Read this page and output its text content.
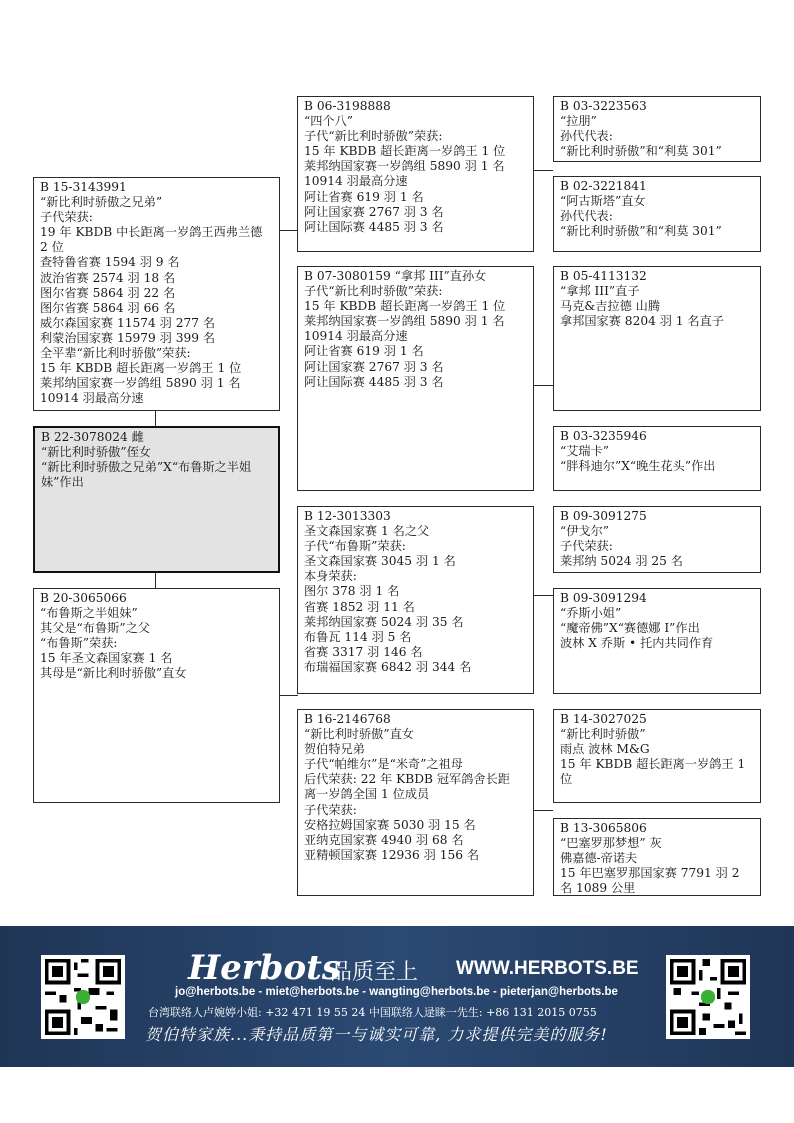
B 15-3143991
“新比利时骄傲之兄弟”
子代荣获:
19 年 KBDB 中长距离一岁鸽王西弗兰德 2 位
查特鲁省赛 1594 羽 9 名
波治省赛 2574 羽 18 名
图尔省赛 5864 羽 22 名
图尔省赛 5864 羽 66 名
威尔森国家赛 11574 羽 277 名
利蒙治国家赛 15979 羽 399 名
全平辈“新比利时骄傲”荣获:
15 年 KBDB 超长距离一岁鸽王 1 位
莱邦纳国家赛一岁鸽组 5890 羽 1 名
10914 羽最高分速
B 22-3078024 雌
“新比利时骄傲”侄女
“新比利时骄傲之兄弟”X“布鲁斯之半姐妹”作出
B 20-3065066
“布鲁斯之半姐妹”
其父是“布鲁斯”之父
“布鲁斯”荣获:
15 年圣文森国家赛 1 名
其母是“新比利时骄傲”直女
B 06-3198888
“四个八”
子代“新比利时骄傲”荣获:
15 年 KBDB 超长距离一岁鸽王 1 位
莱邦纳国家赛一岁鸽组 5890 羽 1 名
10914 羽最高分速
阿让省赛 619 羽 1 名
阿让国家赛 2767 羽 3 名
阿让国际赛 4485 羽 3 名
B 07-3080159 “拿邦 III”直孙女
子代“新比利时骄傲”荣获:
15 年 KBDB 超长距离一岁鸽王 1 位
莱邦纳国家赛一岁鸽组 5890 羽 1 名
10914 羽最高分速
阿让省赛 619 羽 1 名
阿让国家赛 2767 羽 3 名
阿让国际赛 4485 羽 3 名
B 12-3013303
圣文森国家赛 1 名之父
子代“布鲁斯”荣获:
圣文森国家赛 3045 羽 1 名
本身荣获:
图尔 378 羽 1 名
省赛 1852 羽 11 名
莱邦纳国家赛 5024 羽 35 名
布鲁瓦 114 羽 5 名
省赛 3317 羽 146 名
布瑞福国家赛 6842 羽 344 名
B 16-2146768
“新比利时骄傲”直女
贺伯特兄弟
子代“帕维尔”是“米奇”之祖母
后代荣获: 22 年 KBDB 冠军鸽舍长距
离一岁鸽全国 1 位成员
子代荣获:
安格拉姆国家赛 5030 羽 15 名
亚纳克国家赛 4940 羽 68 名
亚精顿国家赛 12936 羽 156 名
B 03-3223563
“拉朋”
孙代代表:
“新比利时骄傲”和“利莫 301”
B 02-3221841
“阿古斯塔”直女
孙代代表:
“新比利时骄傲”和“利莫 301”
B 05-4113132
“拿邦 III”直子
马克&吉拉德 山腾
拿邦国家赛 8204 羽 1 名直子
B 03-3235946
“艾瑞卡”
“胖科迪尔”X“晚生花头”作出
B 09-3091275
“伊戈尔”
子代荣获:
莱邦纳 5024 羽 25 名
B 09-3091294
“乔斯小姐”
“魔帝佛”X“赛德娜 I”作出
波林 X 乔斯 • 托内共同作育
B 14-3027025
“新比利时骄傲”
雨点 波林 M&G
15 年 KBDB 超长距离一岁鸽王 1 位
B 13-3065806
“巴塞罗那梦想” 灰
佛嘉德-帝诺夫
15 年巴塞罗那国家赛 7791 羽 2 名 1089 公里
Herbots
品质至上 WWW.HERBOTS.BE
jo@herbots.be - miet@herbots.be - wangting@herbots.be - pieterjan@herbots.be
台湾联络人卢婉婷小姐: +32 471 19 55 24 中国联络人逯睐一先生: +86 131 2015 0755
贺伯特家族...秉持品质第一与诚实可靠, 力求提供完美的服务!
